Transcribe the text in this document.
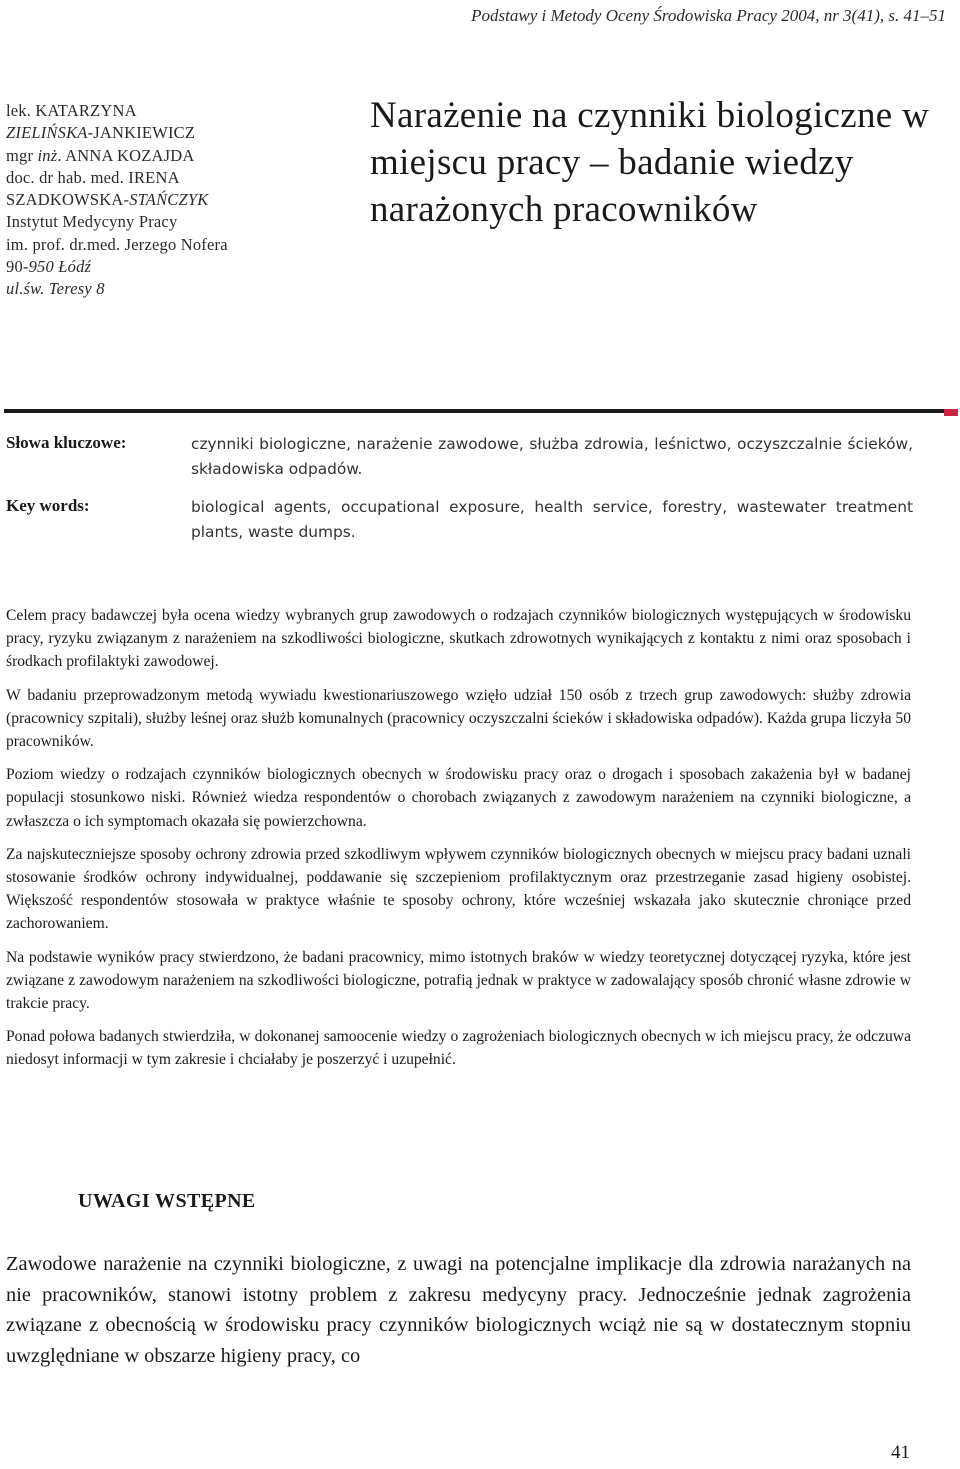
Podstawy i Metody Oceny Środowiska Pracy 2004, nr 3(41), s. 41–51
lek. KATARZYNA
ZIELIŃSKA-JANKIEWICZ
mgr inż. ANNA KOZAJDA
doc. dr hab. med. IRENA
SZADKOWSKA-STAŃCZYK
Instytut Medycyny Pracy
im. prof. dr.med. Jerzego Nofera
90-950 Łódź
ul.św. Teresy 8
Narażenie na czynniki biologiczne w miejscu pracy – badanie wiedzy narażonych pracowników
Słowa kluczowe:	czynniki biologiczne, narażenie zawodowe, służba zdrowia, leśnictwo, oczyszczalnie ścieków, składowiska odpadów.
Key words:	biological agents, occupational exposure, health service, forestry, wastewater treatment plants, waste dumps.

Celem pracy badawczej była ocena wiedzy wybranych grup zawodowych o rodzajach czynników biologicznych występujących w środowisku pracy, ryzyku związanym z narażeniem na szkodliwości biologiczne, skutkach zdrowotnych wynikających z kontaktu z nimi oraz sposobach i środkach profilaktyki zawodowej.

W badaniu przeprowadzonym metodą wywiadu kwestionariuszowego wzięło udział 150 osób z trzech grup zawodowych: służby zdrowia (pracownicy szpitali), służby leśnej oraz służb komunalnych (pracownicy oczyszczalni ścieków i składowiska odpadów). Każda grupa liczyła 50 pracowników.

Poziom wiedzy o rodzajach czynników biologicznych obecnych w środowisku pracy oraz o drogach i sposobach zakażenia był w badanej populacji stosunkowo niski. Również wiedza respondentów o chorobach związanych z zawodowym narażeniem na czynniki biologiczne, a zwłaszcza o ich symptomach okazała się powierzchowna.

Za najskuteczniejsze sposoby ochrony zdrowia przed szkodliwym wpływem czynników biologicznych obecnych w miejscu pracy badani uznali stosowanie środków ochrony indywidualnej, poddawanie się szczepieniom profilaktycznym oraz przestrzeganie zasad higieny osobistej. Większość respondentów stosowała w praktyce właśnie te sposoby ochrony, które wcześniej wskazała jako skutecznie chroniące przed zachorowaniem.

Na podstawie wyników pracy stwierdzono, że badani pracownicy, mimo istotnych braków w wiedzy teoretycznej dotyczącej ryzyka, które jest związane z zawodowym narażeniem na szkodliwości biologiczne, potrafią jednak w praktyce w zadowalający sposób chronić własne zdrowie w trakcie pracy.

Ponad połowa badanych stwierdziła, w dokonanej samoocenie wiedzy o zagrożeniach biologicznych obecnych w ich miejscu pracy, że odczuwa niedosyt informacji w tym zakresie i chciałaby je poszerzyć i uzupełnić.

UWAGI WSTĘPNE

Zawodowe narażenie na czynniki biologiczne, z uwagi na potencjalne implikacje dla zdrowia narażanych na nie pracowników, stanowi istotny problem z zakresu medycyny pracy. Jednocześnie jednak zagrożenia związane z obecnością w środowisku pracy czynników biologicznych wciąż nie są w dostatecznym stopniu uwzględniane w obszarze higieny pracy, co

41
